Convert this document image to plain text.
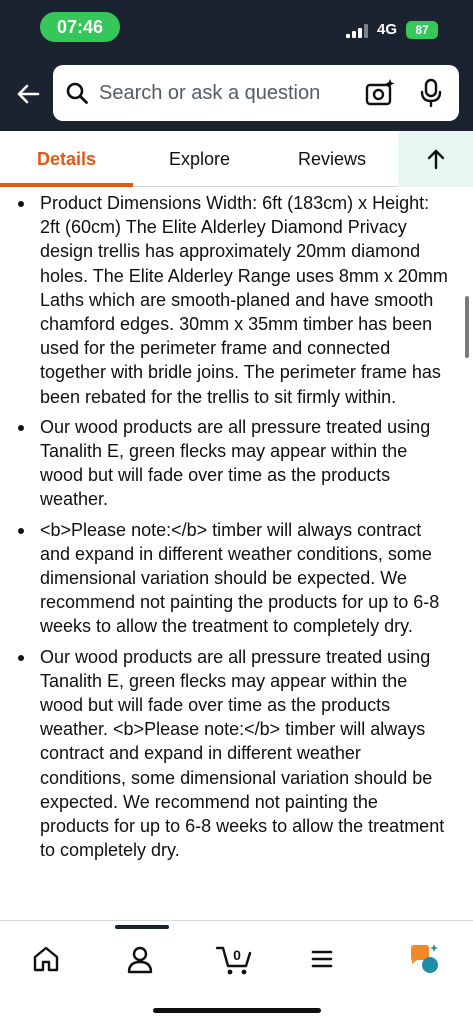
07:46	4G	87
Search or ask a question
Details	Explore	Reviews
Product Dimensions Width: 6ft (183cm) x Height: 2ft (60cm) The Elite Alderley Diamond Privacy design trellis has approximately 20mm diamond holes. The Elite Alderley Range uses 8mm x 20mm Laths which are smooth-planed and have smooth chamford edges. 30mm x 35mm timber has been used for the perimeter frame and connected together with bridle joins. The perimeter frame has been rebated for the trellis to sit firmly within.
Our wood products are all pressure treated using Tanalith E, green flecks may appear within the wood but will fade over time as the products weather.
<b>Please note:</b> timber will always contract and expand in different weather conditions, some dimensional variation should be expected. We recommend not painting the products for up to 6-8 weeks to allow the treatment to completely dry.
Our wood products are all pressure treated using Tanalith E, green flecks may appear within the wood but will fade over time as the products weather. <b>Please note:</b> timber will always contract and expand in different weather conditions, some dimensional variation should be expected. We recommend not painting the products for up to 6-8 weeks to allow the treatment to completely dry.
0
